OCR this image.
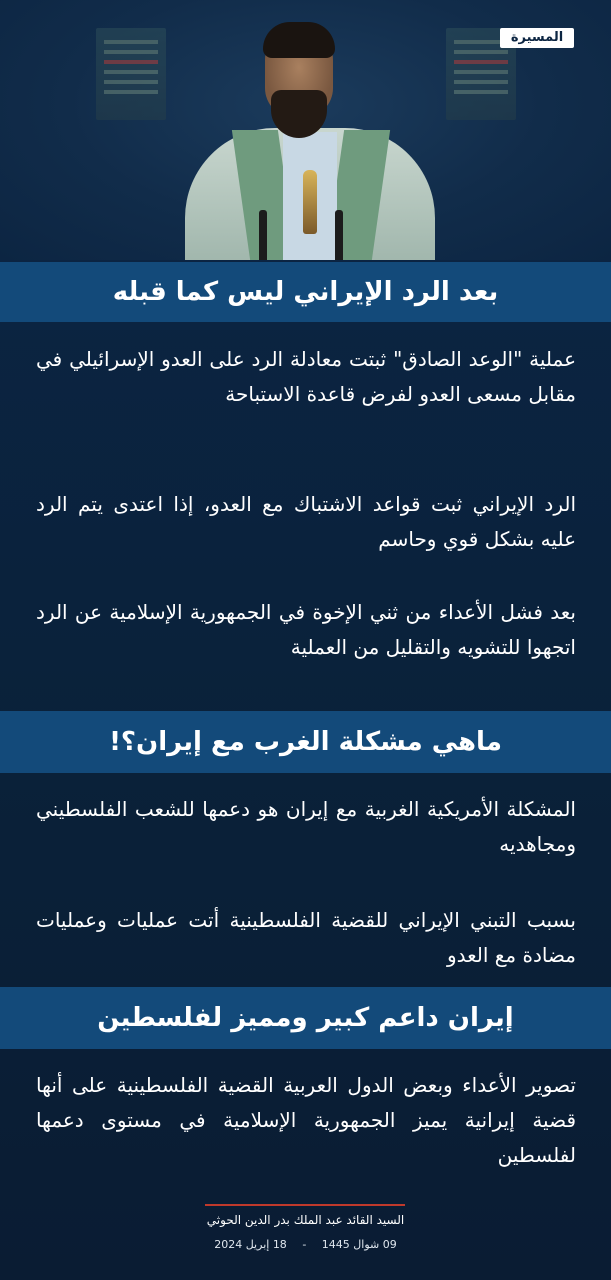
المسيرة
بعد الرد الإيراني ليس كما قبله

عملية "الوعد الصادق" ثبتت معادلة الرد على العدو الإسرائيلي في مقابل مسعى العدو لفرض قاعدة الاستباحة

الرد الإيراني ثبت قواعد الاشتباك مع العدو، إذا اعتدى يتم الرد عليه بشكل قوي وحاسم

بعد فشل الأعداء من ثني الإخوة في الجمهورية الإسلامية عن الرد اتجهوا للتشويه والتقليل من العملية

ماهي مشكلة الغرب مع إيران؟!

المشكلة الأمريكية الغربية مع إيران هو دعمها للشعب الفلسطيني ومجاهديه

بسبب التبني الإيراني للقضية الفلسطينية أتت عمليات وعمليات مضادة مع العدو

إيران داعم كبير ومميز لفلسطين

تصوير الأعداء وبعض الدول العربية القضية الفلسطينية على أنها قضية إيرانية يميز الجمهورية الإسلامية في مستوى دعمها لفلسطين

السيد القائد عبد الملك بدر الدين الحوثي
09 شوال 1445 - 18 إبريل 2024
